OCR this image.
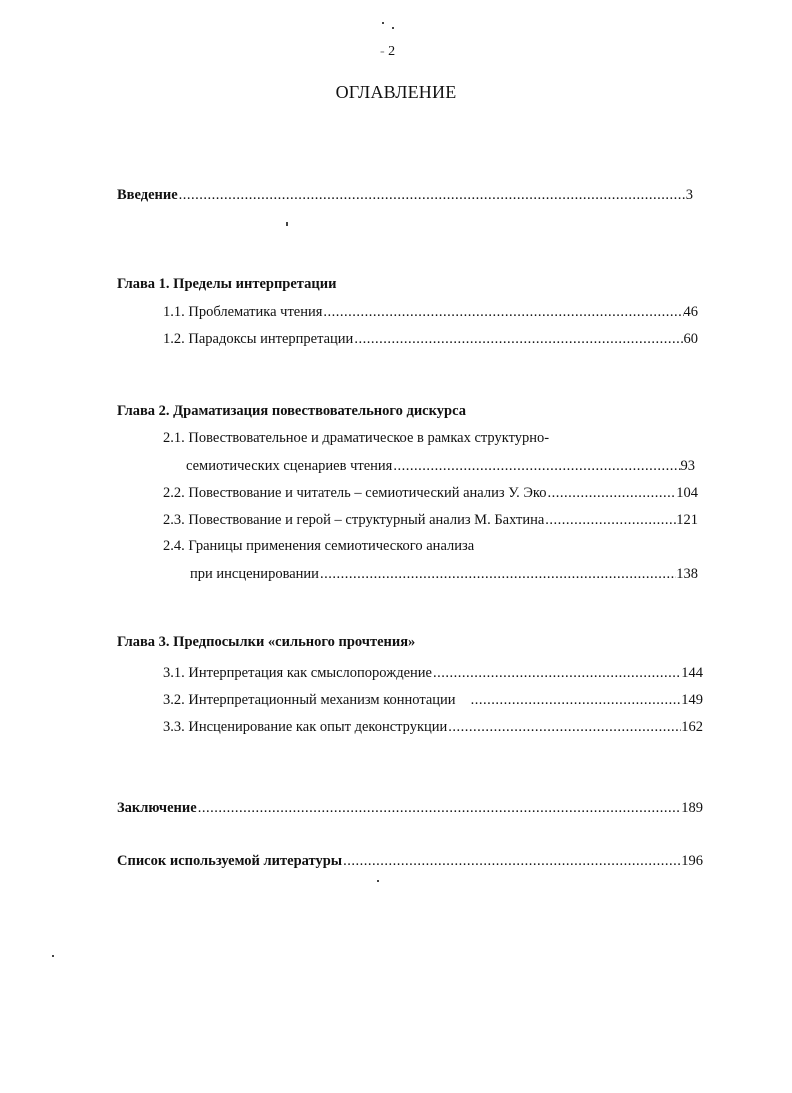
- 2
ОГЛАВЛЕНИЕ
Введение .....	3
Глава 1. Пределы интерпретации
1.1. Проблематика чтения .....	46
1.2. Парадоксы интерпретации .....	60
Глава 2. Драматизация повествовательного дискурса
2.1. Повествовательное и драматическое в рамках структурно-
семиотических сценариев чтения .....	93
2.2. Повествование и читатель – семиотический анализ У. Эко .....	104
2.3. Повествование и герой – структурный анализ М. Бахтина .....	121
2.4. Границы применения семиотического анализа
при инсценировании .....	138
Глава 3. Предпосылки «сильного прочтения»
3.1. Интерпретация как смыслопорождение .....	144
3.2. Интерпретационный механизм коннотации .....	149
3.3. Инсценирование как опыт деконструкции .....	162
Заключение .....	189
Список используемой литературы .....	196
